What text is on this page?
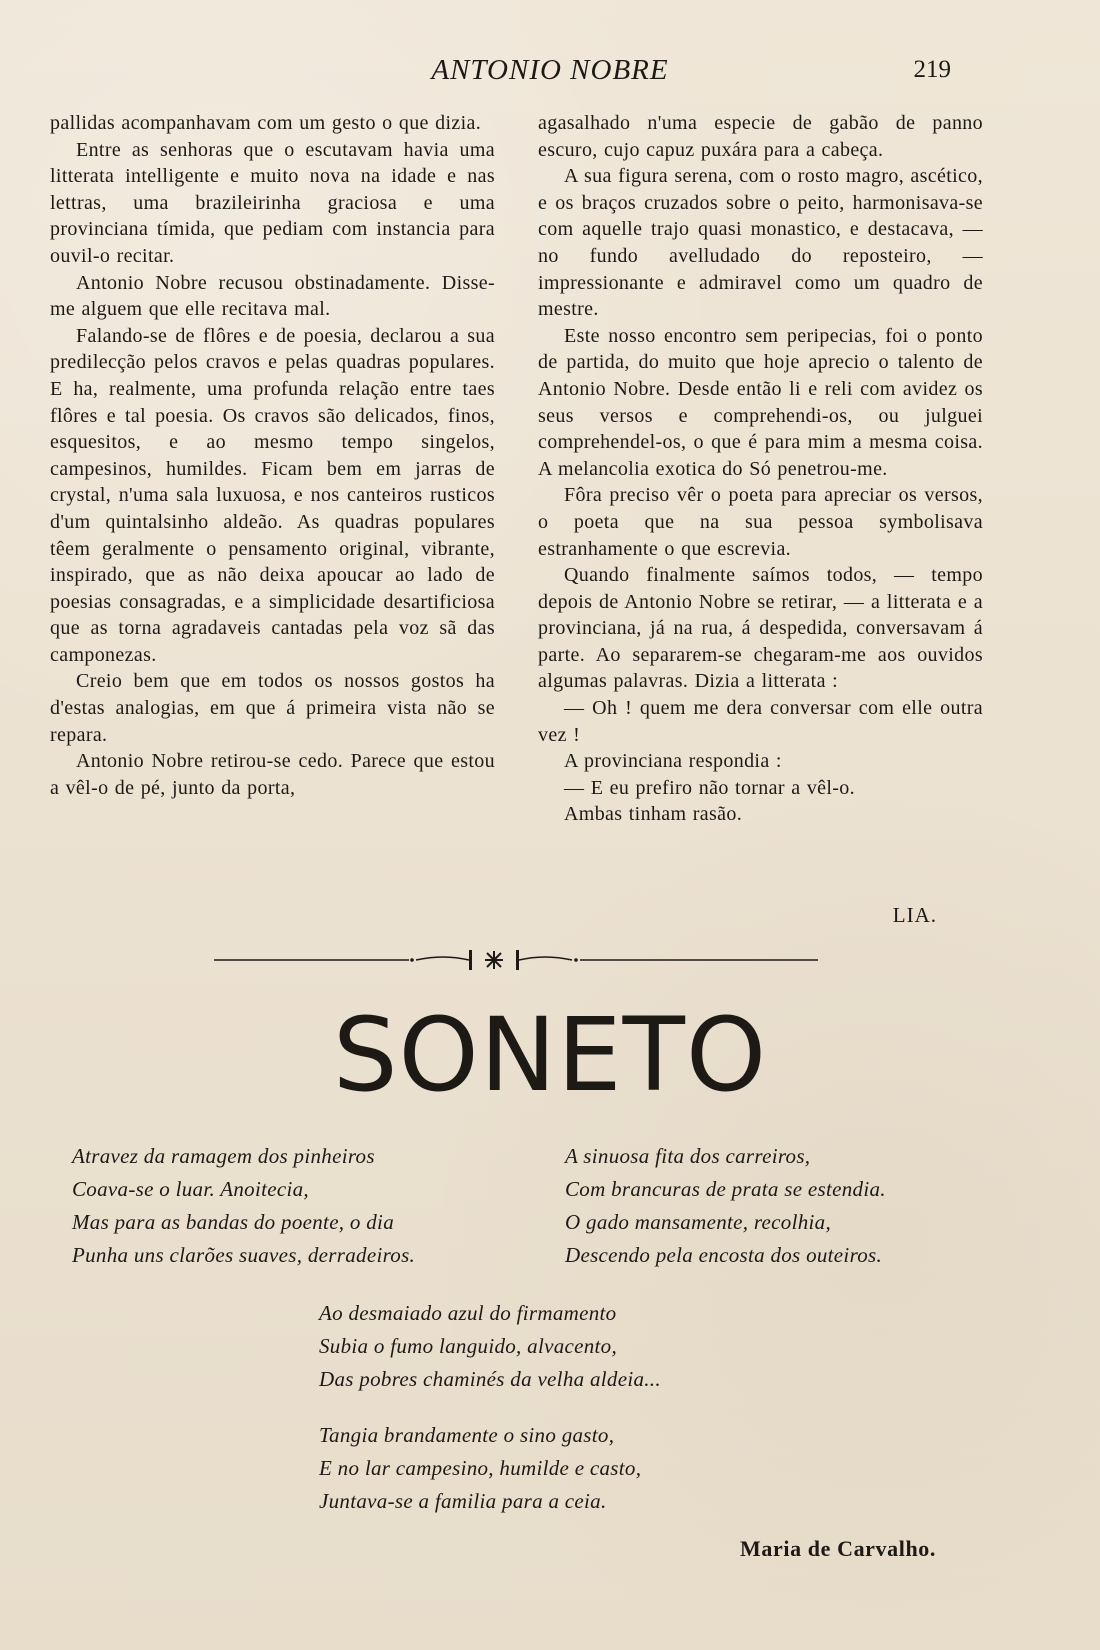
ANTONIO NOBRE	219

pallidas acompanhavam com um gesto o que dizia.

Entre as senhoras que o escutavam havia uma litterata intelligente e muito nova na idade e nas lettras, uma brazileirinha graciosa e uma provinciana tímida, que pediam com instancia para ouvil-o recitar.

Antonio Nobre recusou obstinadamente. Disse-me alguem que elle recitava mal.

Falando-se de flôres e de poesia, declarou a sua predilecção pelos cravos e pelas quadras populares. E ha, realmente, uma profunda relação entre taes flôres e tal poesia. Os cravos são delicados, finos, esquesitos, e ao mesmo tempo singelos, campesinos, humildes. Ficam bem em jarras de crystal, n'uma sala luxuosa, e nos canteiros rusticos d'um quintalsinho aldeão. As quadras populares têem geralmente o pensamento original, vibrante, inspirado, que as não deixa apoucar ao lado de poesias consagradas, e a simplicidade desartificiosa que as torna agradaveis cantadas pela voz sã das camponezas.

Creio bem que em todos os nossos gostos ha d'estas analogias, em que á primeira vista não se repara.

Antonio Nobre retirou-se cedo. Parece que estou a vêl-o de pé, junto da porta,

agasalhado n'uma especie de gabão de panno escuro, cujo capuz puxára para a cabeça.

A sua figura serena, com o rosto magro, ascético, e os braços cruzados sobre o peito, harmonisava-se com aquelle trajo quasi monastico, e destacava, — no fundo avelludado do reposteiro, — impressionante e admiravel como um quadro de mestre.

Este nosso encontro sem peripecias, foi o ponto de partida, do muito que hoje aprecio o talento de Antonio Nobre. Desde então li e reli com avidez os seus versos e comprehendi-os, ou julguei comprehendel-os, o que é para mim a mesma coisa. A melancolia exotica do Só penetrou-me.

Fôra preciso vêr o poeta para apreciar os versos, o poeta que na sua pessoa symbolisava estranhamente o que escrevia.

Quando finalmente saímos todos, — tempo depois de Antonio Nobre se retirar, — a litterata e a provinciana, já na rua, á despedida, conversavam á parte. Ao separarem-se chegaram-me aos ouvidos algumas palavras. Dizia a litterata :

— Oh ! quem me dera conversar com elle outra vez !

A provinciana respondia :

— E eu prefiro não tornar a vêl-o.

Ambas tinham rasão.

LIA.
SONETO
Atravez da ramagem dos pinheiros
Coava-se o luar. Anoitecia,
Mas para as bandas do poente, o dia
Punha uns clarões suaves, derradeiros.
A sinuosa fita dos carreiros,
Com brancuras de prata se estendia.
O gado mansamente, recolhia,
Descendo pela encosta dos outeiros.
Ao desmaiado azul do firmamento
Subia o fumo languido, alvacento,
Das pobres chaminés da velha aldeia...
Tangia brandamente o sino gasto,
E no lar campesino, humilde e casto,
Juntava-se a familia para a ceia.
Maria de Carvalho.
